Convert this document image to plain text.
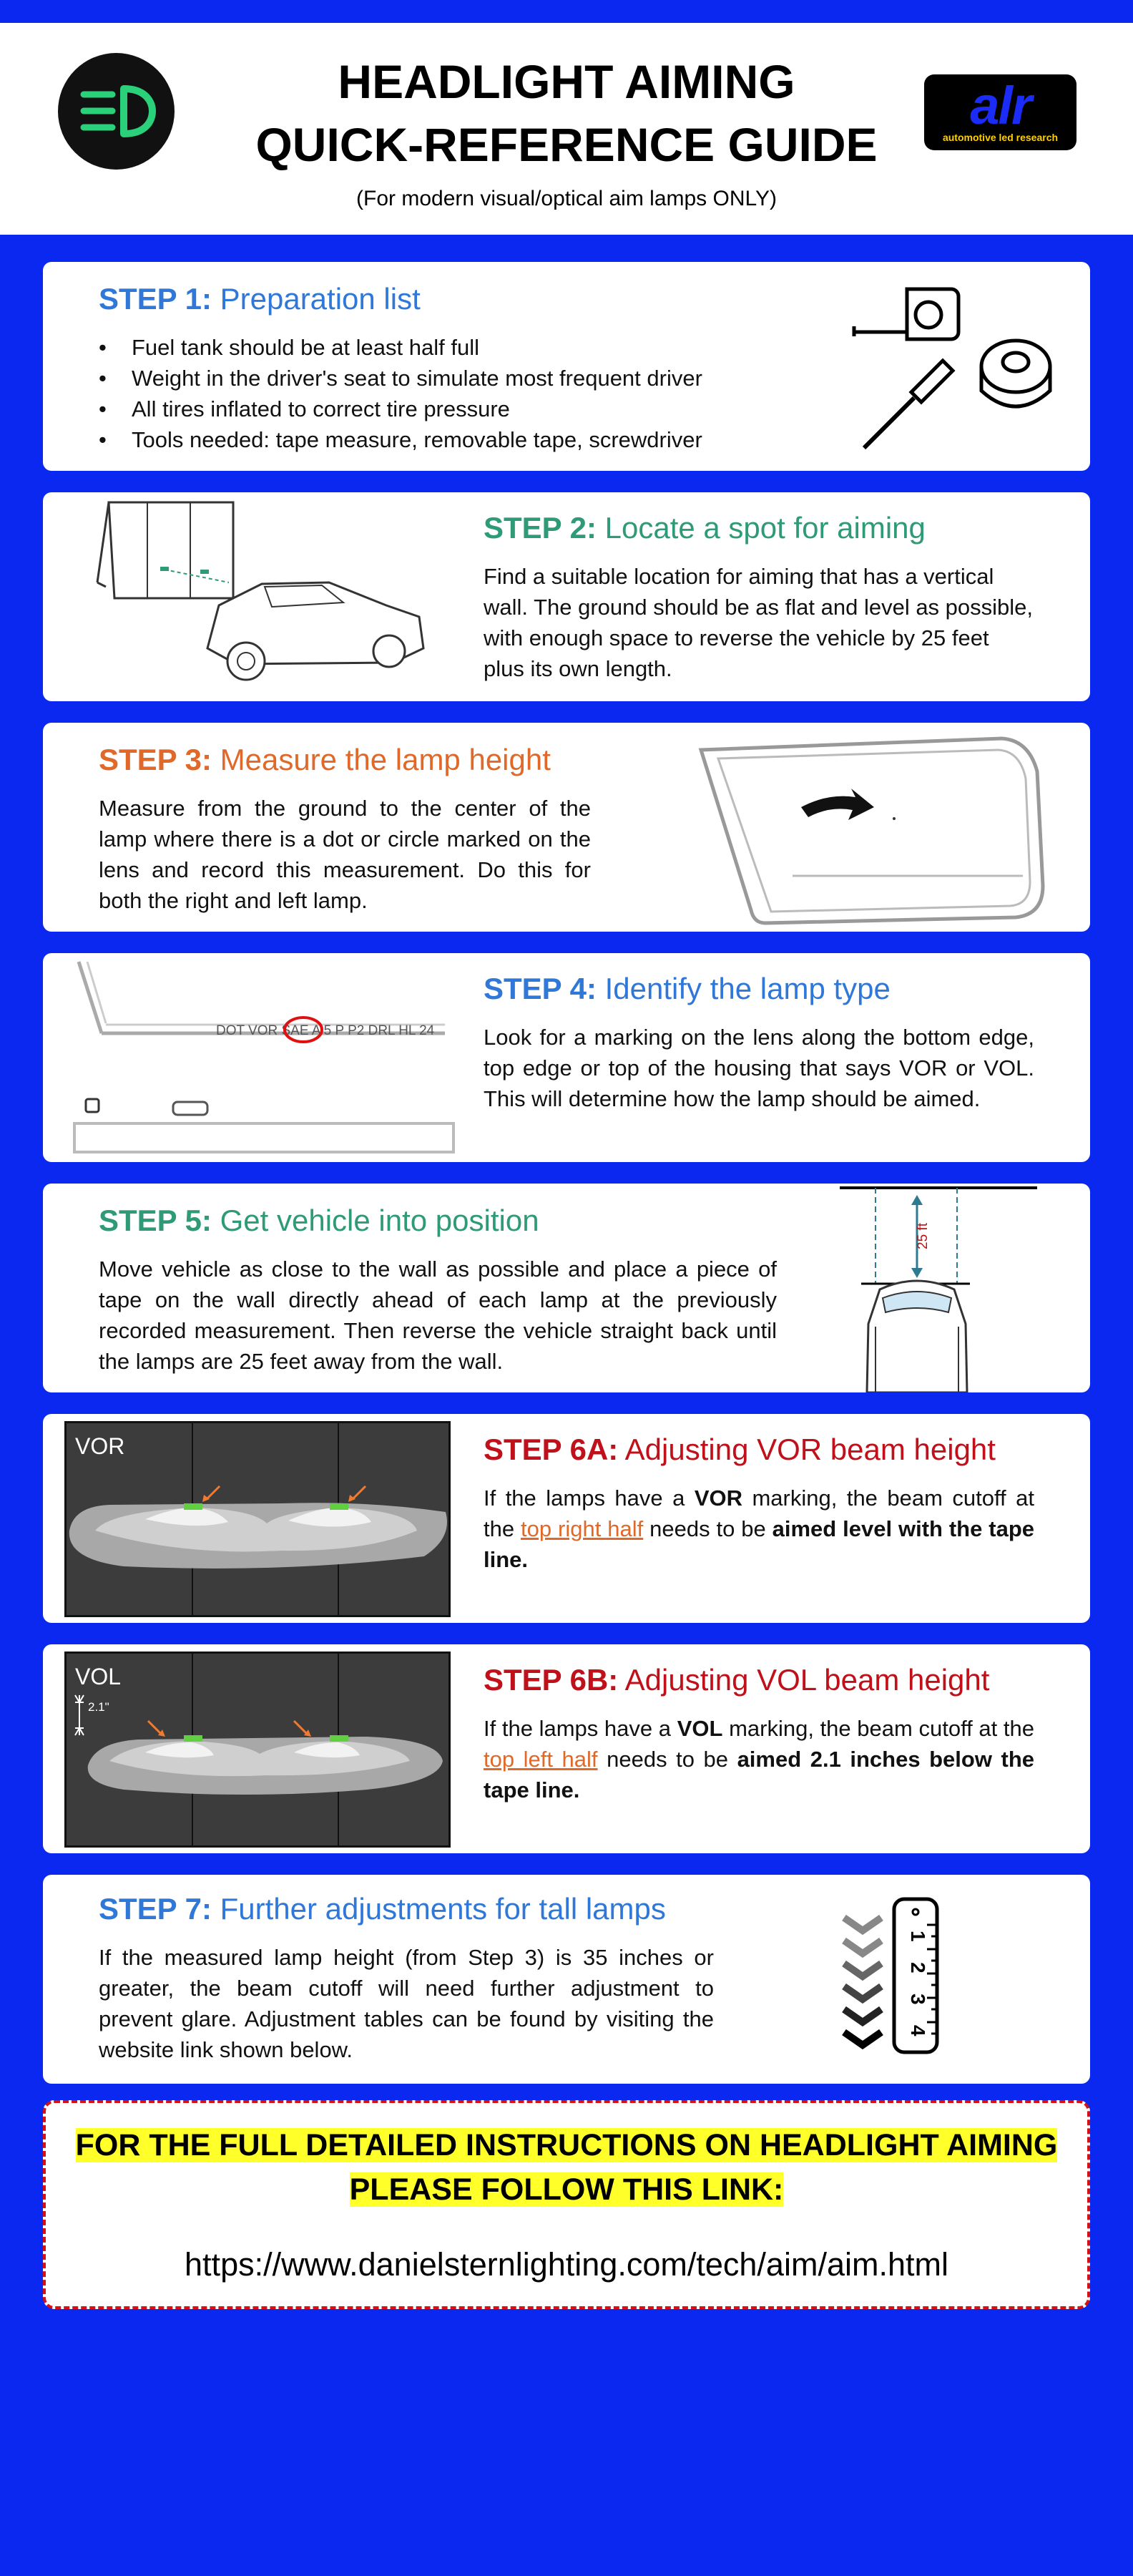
HEADLIGHT AIMING
QUICK-REFERENCE GUIDE
(For modern visual/optical aim lamps ONLY)
alr
automotive led research
STEP 1: Preparation list
• Fuel tank should be at least half full
• Weight in the driver's seat to simulate most frequent driver
• All tires inflated to correct tire pressure
• Tools needed: tape measure, removable tape, screwdriver
STEP 2: Locate a spot for aiming
Find a suitable location for aiming that has a vertical wall. The ground should be as flat and level as possible, with enough space to reverse the vehicle by 25 feet plus its own length.
STEP 3: Measure the lamp height
Measure from the ground to the center of the lamp where there is a dot or circle marked on the lens and record this measurement. Do this for both the right and left lamp.
DOT VOR SAE A 5 P P2 DRL HL 24
STEP 4: Identify the lamp type
Look for a marking on the lens along the bottom edge, top edge or top of the housing that says VOR or VOL. This will determine how the lamp should be aimed.
STEP 5: Get vehicle into position
Move vehicle as close to the wall as possible and place a piece of tape on the wall directly ahead of each lamp at the previously recorded measurement. Then reverse the vehicle straight back until the lamps are 25 feet away from the wall.
25 ft
VOR	STEP 6A: Adjusting VOR beam height
If the lamps have a VOR marking, the beam cutoff at the top right half needs to be aimed level with the tape line.
VOL
2.1"
STEP 6B: Adjusting VOL beam height
If the lamps have a VOL marking, the beam cutoff at the top left half needs to be aimed 2.1 inches below the tape line.
STEP 7: Further adjustments for tall lamps
If the measured lamp height (from Step 3) is 35 inches or greater, the beam cutoff will need further adjustment to prevent glare. Adjustment tables can be found by visiting the website link shown below.
1
2
3
4
FOR THE FULL DETAILED INSTRUCTIONS ON HEADLIGHT AIMING
PLEASE FOLLOW THIS LINK:
https://www.danielsternlighting.com/tech/aim/aim.html
